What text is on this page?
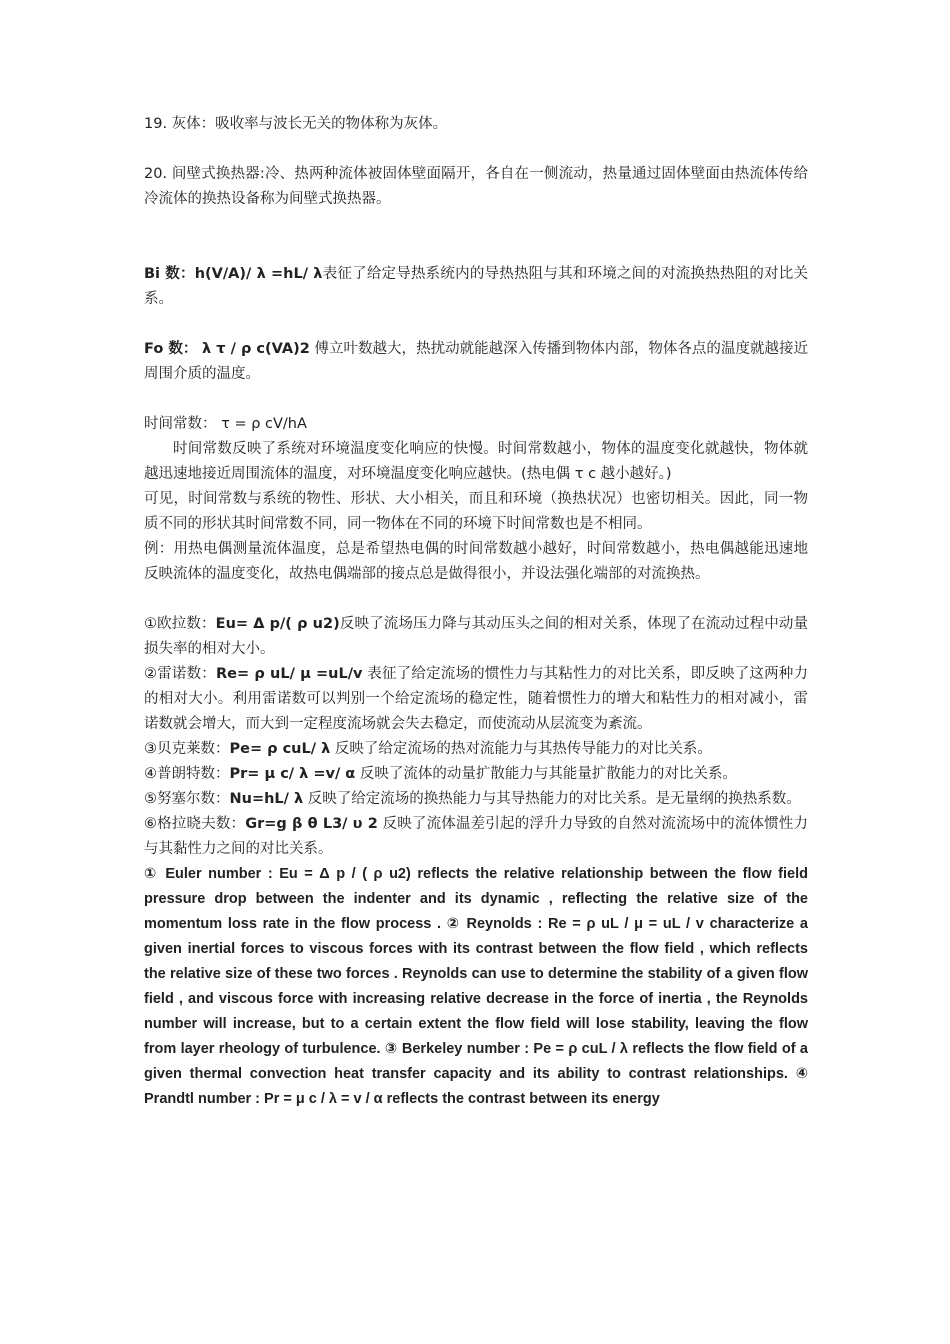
19. 灰体：吸收率与波长无关的物体称为灰体。

20. 间壁式换热器:冷、热两种流体被固体壁面隔开，各自在一侧流动，热量通过固体壁面由热流体传给冷流体的换热设备称为间壁式换热器。

Bi 数：h(V/A)/ λ =hL/ λ表征了给定导热系统内的导热热阻与其和环境之间的对流换热热阻的对比关系。

Fo 数： λ τ / ρ c(VA)2 傅立叶数越大，热扰动就能越深入传播到物体内部，物体各点的温度就越接近周围介质的温度。

时间常数： τ = ρ cV/hA

时间常数反映了系统对环境温度变化响应的快慢。时间常数越小，物体的温度变化就越快，物体就越迅速地接近周围流体的温度，对环境温度变化响应越快。(热电偶 τ c 越小越好。)

可见，时间常数与系统的物性、形状、大小相关，而且和环境（换热状况）也密切相关。因此，同一物质不同的形状其时间常数不同，同一物体在不同的环境下时间常数也是不相同。

例：用热电偶测量流体温度，总是希望热电偶的时间常数越小越好，时间常数越小，热电偶越能迅速地反映流体的温度变化，故热电偶端部的接点总是做得很小，并设法强化端部的对流换热。

①欧拉数：Eu= Δ p/( ρ u2)反映了流场压力降与其动压头之间的相对关系，体现了在流动过程中动量损失率的相对大小。

②雷诺数：Re= ρ uL/ μ =uL/v 表征了给定流场的惯性力与其粘性力的对比关系，即反映了这两种力的相对大小。利用雷诺数可以判别一个给定流场的稳定性，随着惯性力的增大和粘性力的相对减小，雷诺数就会增大，而大到一定程度流场就会失去稳定，而使流动从层流变为紊流。

③贝克莱数：Pe= ρ cuL/ λ 反映了给定流场的热对流能力与其热传导能力的对比关系。

④普朗特数：Pr= μ c/ λ =v/ α 反映了流体的动量扩散能力与其能量扩散能力的对比关系。

⑤努塞尔数：Nu=hL/ λ 反映了给定流场的换热能力与其导热能力的对比关系。是无量纲的换热系数。

⑥格拉晓夫数：Gr=g β θ L3/ υ 2 反映了流体温差引起的浮升力导致的自然对流流场中的流体惯性力与其黏性力之间的对比关系。

① Euler number : Eu = Δ p / ( ρ u2) reflects the relative relationship between the flow field pressure drop between the indenter and its dynamic , reflecting the relative size of the momentum loss rate in the flow process . ② Reynolds : Re = ρ uL / μ = uL / v characterize a given inertial forces to viscous forces with its contrast between the flow field , which reflects the relative size of these two forces . Reynolds can use to determine the stability of a given flow field , and viscous force with increasing relative decrease in the force of inertia , the Reynolds number will increase, but to a certain extent the flow field will lose stability, leaving the flow from layer rheology of turbulence. ③ Berkeley number : Pe = ρ cuL / λ reflects the flow field of a given thermal convection heat transfer capacity and its ability to contrast relationships. ④ Prandtl number : Pr = μ c / λ = v / α reflects the contrast between its energy
